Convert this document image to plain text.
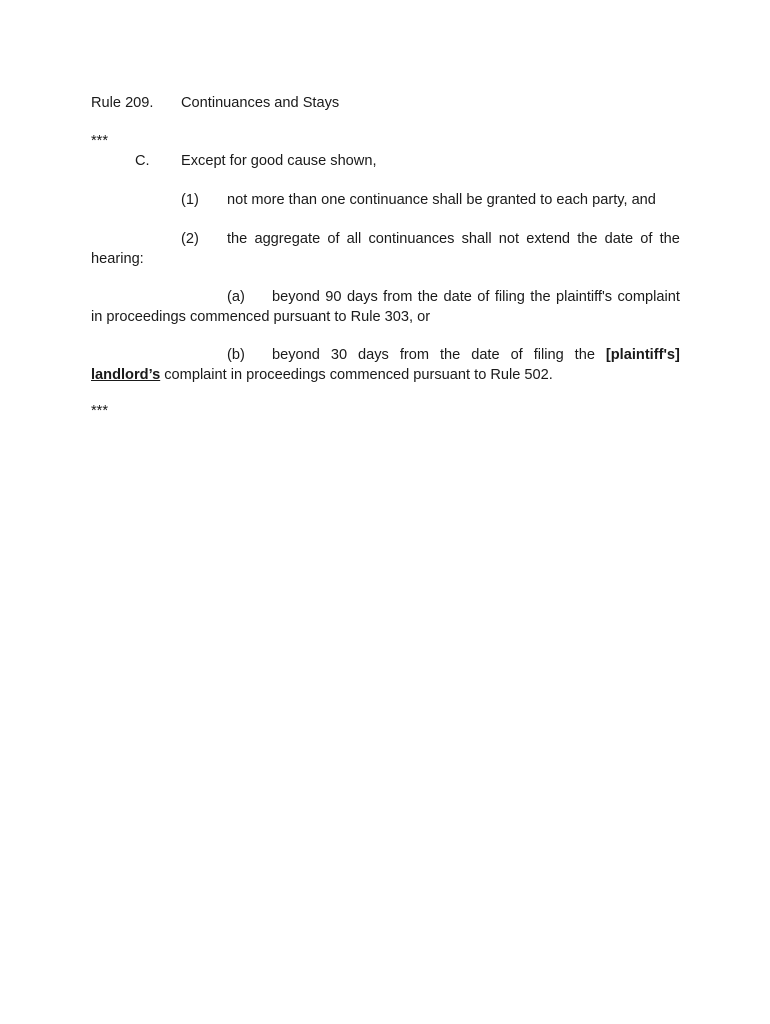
Rule 209. Continuances and Stays
***
C. Except for good cause shown,
(1) not more than one continuance shall be granted to each party, and
(2) the aggregate of all continuances shall not extend the date of the
hearing:
(a) beyond 90 days from the date of filing the plaintiff's complaint
in proceedings commenced pursuant to Rule 303, or
(b) beyond 30 days from the date of filing the [plaintiff's]
landlord’s complaint in proceedings commenced pursuant to Rule 502.
***
